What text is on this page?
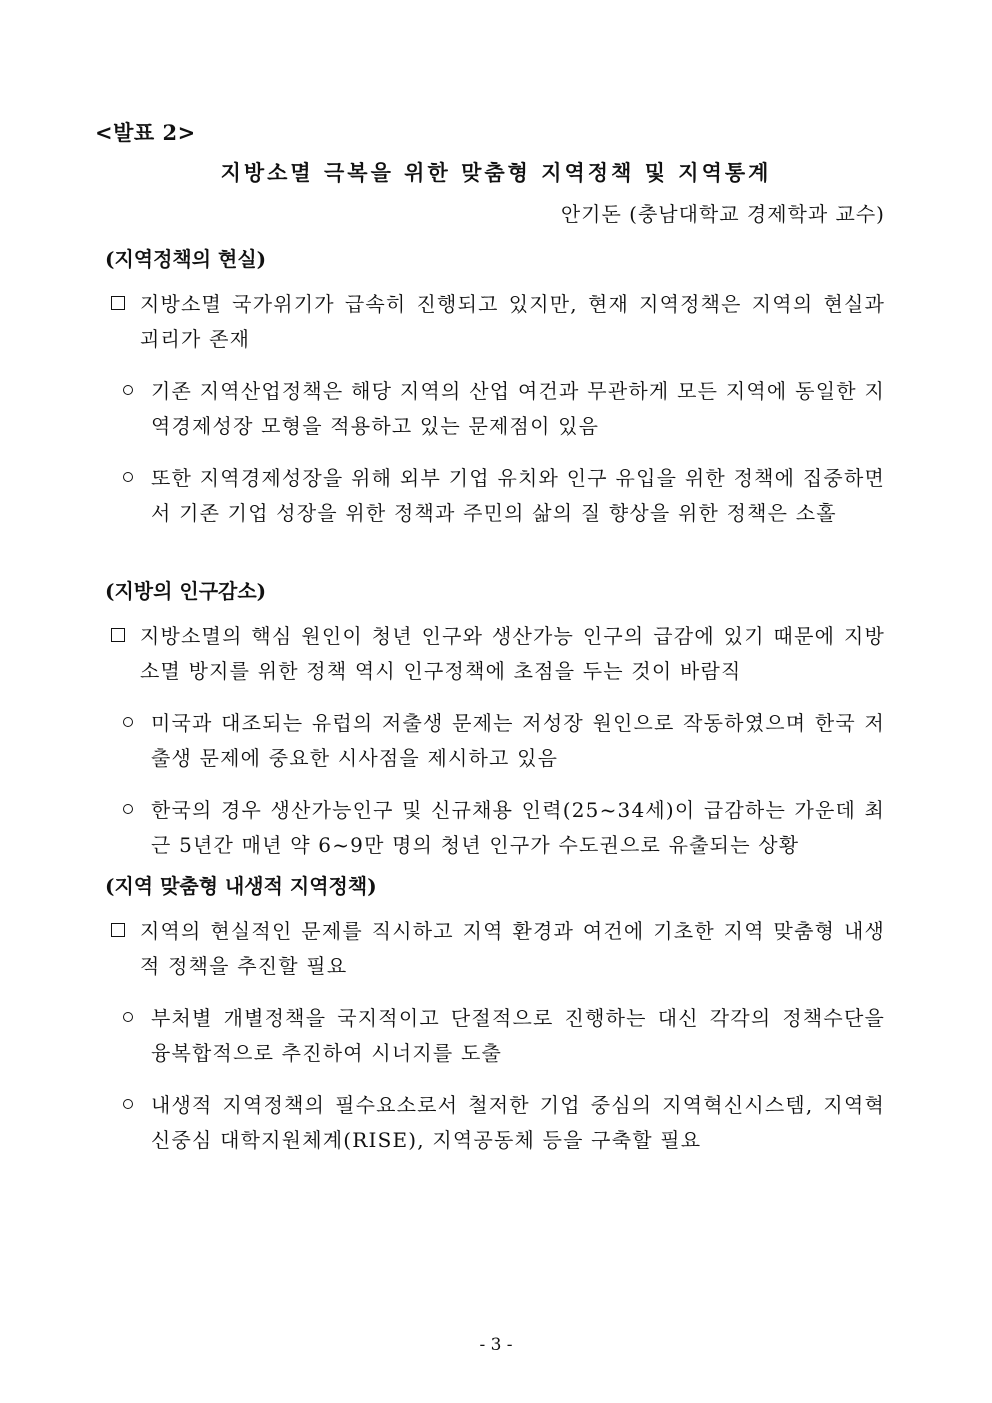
<발표 2>
지방소멸 극복을 위한 맞춤형 지역정책 및 지역통계
안기돈 (충남대학교 경제학과 교수)
(지역정책의 현실)
지방소멸 국가위기가 급속히 진행되고 있지만, 현재 지역정책은 지역의 현실과 괴리가 존재
기존 지역산업정책은 해당 지역의 산업 여건과 무관하게 모든 지역에 동일한 지역경제성장 모형을 적용하고 있는 문제점이 있음
또한 지역경제성장을 위해 외부 기업 유치와 인구 유입을 위한 정책에 집중하면서 기존 기업 성장을 위한 정책과 주민의 삶의 질 향상을 위한 정책은 소홀
(지방의 인구감소)
지방소멸의 핵심 원인이 청년 인구와 생산가능 인구의 급감에 있기 때문에 지방소멸 방지를 위한 정책 역시 인구정책에 초점을 두는 것이 바람직
미국과 대조되는 유럽의 저출생 문제는 저성장 원인으로 작동하였으며 한국 저출생 문제에 중요한 시사점을 제시하고 있음
한국의 경우 생산가능인구 및 신규채용 인력(25~34세)이 급감하는 가운데 최근 5년간 매년 약 6~9만 명의 청년 인구가 수도권으로 유출되는 상황
(지역 맞춤형 내생적 지역정책)
지역의 현실적인 문제를 직시하고 지역 환경과 여건에 기초한 지역 맞춤형 내생적 정책을 추진할 필요
부처별 개별정책을 국지적이고 단절적으로 진행하는 대신 각각의 정책수단을 융복합적으로 추진하여 시너지를 도출
내생적 지역정책의 필수요소로서 철저한 기업 중심의 지역혁신시스템, 지역혁신중심 대학지원체계(RISE), 지역공동체 등을 구축할 필요
- 3 -
